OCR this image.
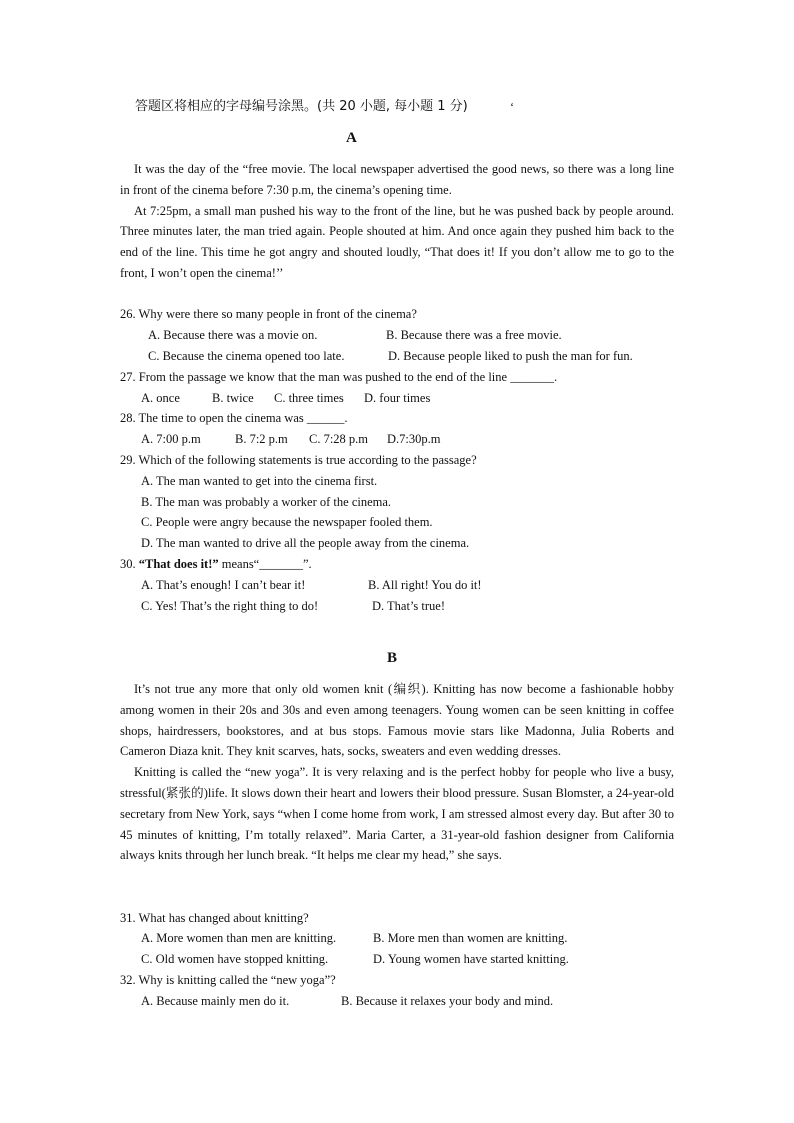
答题区将相应的字母编号涂黑。(共 20 小题, 每小题 1 分)	‘
A

It was the day of the “free movie. The local newspaper advertised the good news, so there was a long line in front of the cinema before 7:30 p.m, the cinema’s opening time.

At 7:25pm, a small man pushed his way to the front of the line, but he was pushed back by people around. Three minutes later, the man tried again. People shouted at him. And once again they pushed him back to the end of the line. This time he got angry and shouted loudly, “That does it! If you don’t allow me to go to the front, I won’t open the cinema!’’

26. Why were there so many people in front of the cinema?
A. Because there was a movie on.	B. Because there was a free movie.
C. Because the cinema opened too late.	D. Because people liked to push the man for fun.
27. From the passage we know that the man was pushed to the end of the line _______.
A. once	B. twice C. three times D. four times
28. The time to open the cinema was ______.
A. 7:00 p.m	B. 7:2 p.m C. 7:28 p.m D.7:30p.m
29. Which of the following statements is true according to the passage?
A. The man wanted to get into the cinema first.
B. The man was probably a worker of the cinema.
C. People were angry because the newspaper fooled them.
D. The man wanted to drive all the people away from the cinema.
30. “That does it!” means“_______”.
A. That’s enough! I can’t bear it!	B. All right! You do it!
C. Yes! That’s the right thing to do!	D. That’s true!
B

It’s not true any more that only old women knit (编织). Knitting has now become a fashionable hobby among women in their 20s and 30s and even among teenagers. Young women can be seen knitting in coffee shops, hairdressers, bookstores, and at bus stops. Famous movie stars like Madonna, Julia Roberts and Cameron Diaza knit. They knit scarves, hats, socks, sweaters and even wedding dresses.

Knitting is called the “new yoga”. It is very relaxing and is the perfect hobby for people who live a busy, stressful(紧张的)life. It slows down their heart and lowers their blood pressure. Susan Blomster, a 24-year-old secretary from New York, says “when I come home from work, I am stressed almost every day. But after 30 to 45 minutes of knitting, I’m totally relaxed”. Maria Carter, a 31-year-old fashion designer from California always knits through her lunch break. “It helps me clear my head,” she says.

31. What has changed about knitting?
A. More women than men are knitting.	B. More men than women are knitting.
C. Old women have stopped knitting.	D. Young women have started knitting.
32. Why is knitting called the “new yoga”?
A. Because mainly men do it.	B. Because it relaxes your body and mind.
